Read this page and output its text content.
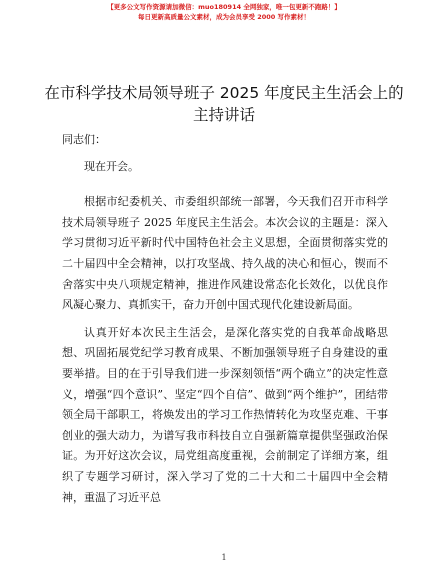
【更多公文写作资源请加微信：muo180914 全网独家，唯一包更新不跑路！】
每日更新高质量公文素材，成为会员享受 2000 写作素材！
在市科学技术局领导班子 2025 年度民主生活会上的主持讲话

同志们：

现在开会。

根据市纪委机关、市委组织部统一部署，今天我们召开市科学技术局领导班子 2025 年度民主生活会。本次会议的主题是：深入学习贯彻习近平新时代中国特色社会主义思想，全面贯彻落实党的二十届四中全会精神，以打攻坚战、持久战的决心和恒心，锲而不舍落实中央八项规定精神，推进作风建设常态化长效化，以优良作风凝心聚力、真抓实干，奋力开创中国式现代化建设新局面。

认真开好本次民主生活会，是深化落实党的自我革命战略思想、巩固拓展党纪学习教育成果、不断加强领导班子自身建设的重要举措。目的在于引导我们进一步深刻领悟“两个确立”的决定性意义，增强“四个意识”、坚定“四个自信”、做到“两个维护”，团结带领全局干部职工，将焕发出的学习工作热情转化为攻坚克难、干事创业的强大动力，为谱写我市科技自立自强新篇章提供坚强政治保证。为开好这次会议，局党组高度重视，会前制定了详细方案，组织了专题学习研讨，深入学习了党的二十大和二十届四中全会精神，重温了习近平总

1
